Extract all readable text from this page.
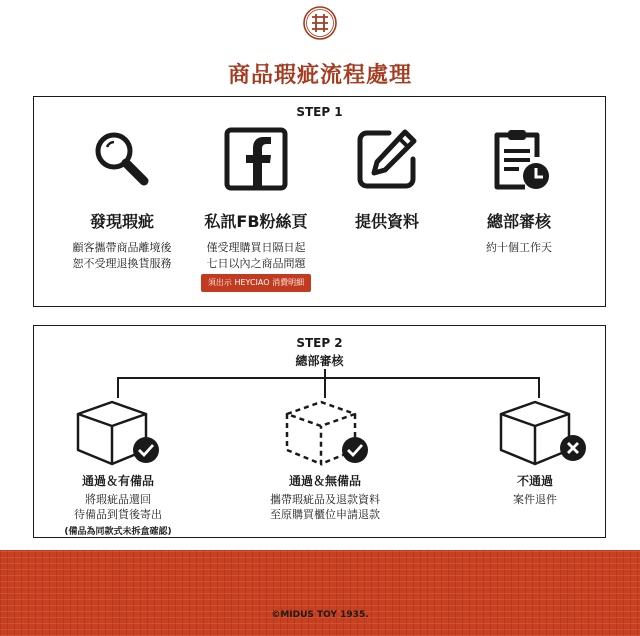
商品瑕疵流程處理
STEP 1
發現瑕疵
顧客攜帶商品離境後
恕不受理退換貨服務
私訊FB粉絲頁
僅受理購買日隔日起
七日以內之商品問題
須出示 HEYCIAO 消費明細
提供資料	總部審核
約十個工作天
STEP 2
總部審核
通過＆有備品
將瑕疵品還回
待備品到貨後寄出
(備品為同款式未拆盒確認)
通過＆無備品
攜帶瑕疵品及退款資料
至原購買櫃位申請退款
不通過
案件退件
©MIDUS TOY 1935.
